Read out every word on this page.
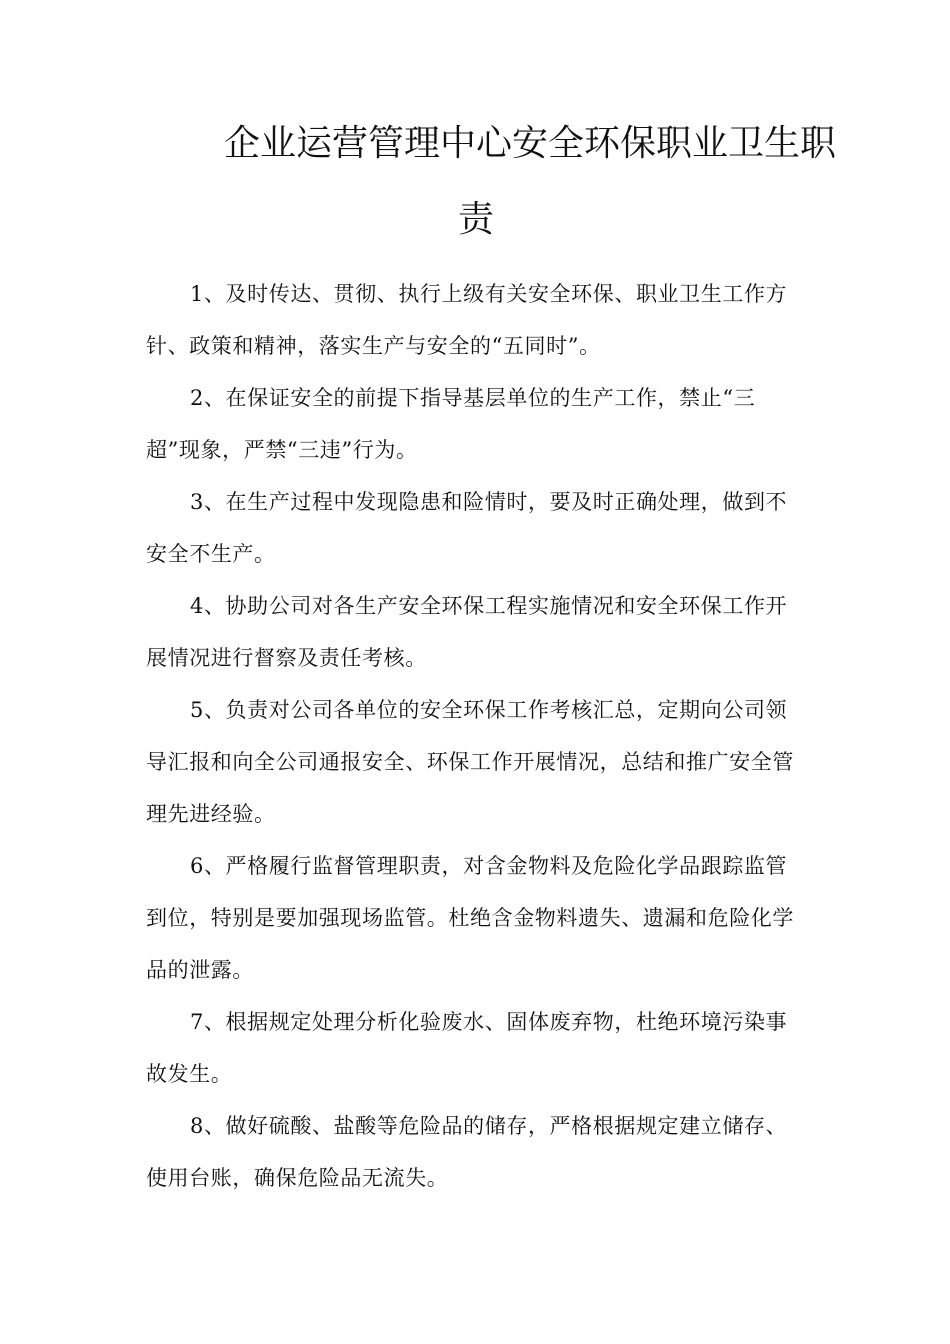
企业运营管理中心安全环保职业卫生职
责

1、及时传达、贯彻、执行上级有关安全环保、职业卫生工作方针、政策和精神，落实生产与安全的“五同时”。

2、在保证安全的前提下指导基层单位的生产工作，禁止“三超”现象，严禁“三违”行为。

3、在生产过程中发现隐患和险情时，要及时正确处理，做到不安全不生产。

4、协助公司对各生产安全环保工程实施情况和安全环保工作开展情况进行督察及责任考核。

5、负责对公司各单位的安全环保工作考核汇总，定期向公司领导汇报和向全公司通报安全、环保工作开展情况，总结和推广安全管理先进经验。

6、严格履行监督管理职责，对含金物料及危险化学品跟踪监管到位，特别是要加强现场监管。杜绝含金物料遗失、遗漏和危险化学品的泄露。

7、根据规定处理分析化验废水、固体废弃物，杜绝环境污染事故发生。

8、做好硫酸、盐酸等危险品的储存，严格根据规定建立储存、使用台账，确保危险品无流失。
